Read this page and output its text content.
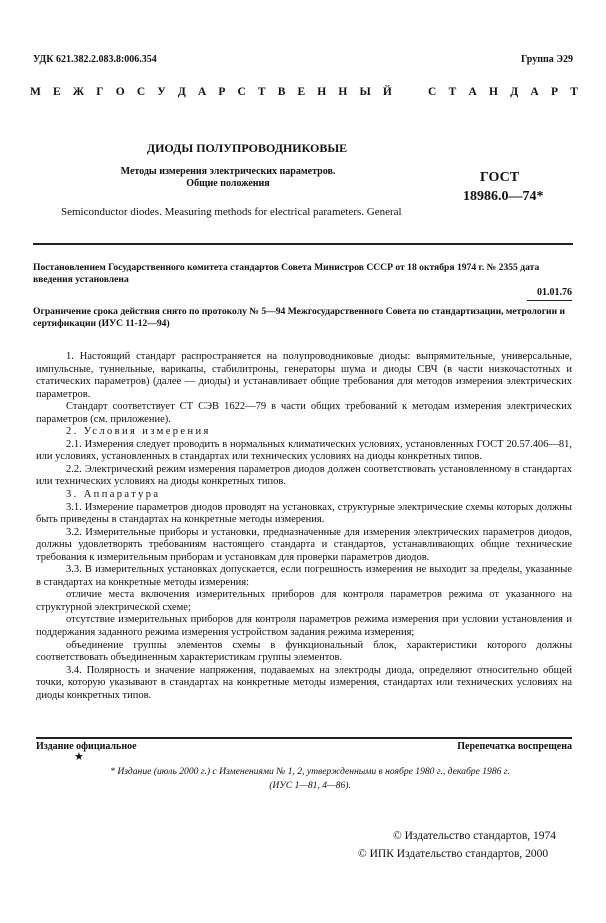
УДК 621.382.2.083.8:006.354	Группа Э29
М Е Ж Г О С У Д А Р С Т В Е Н Н Ы Й	С Т А Н Д А Р Т
ДИОДЫ ПОЛУПРОВОДНИКОВЫЕ
Методы измерения электрических параметров.
Общие положения	ГОСТ
18986.0—74*
Semiconductor diodes. Measuring methods for electrical parameters. General
Постановлением Государственного комитета стандартов Совета Министров СССР от 18 октября 1974 г. № 2355 дата введения установлена
01.01.76
Ограничение срока действия снято по протоколу № 5—94 Межгосударственного Совета по стандартизации, метрологии и сертификации (ИУС 11-12—94)

1. Настоящий стандарт распространяется на полупроводниковые диоды: выпрямительные, универсальные, импульсные, туннельные, варикапы, стабилитроны, генераторы шума и диоды СВЧ (в части низкочастотных и статических параметров) (далее — диоды) и устанавливает общие требования для методов измерения электрических параметров.

Стандарт соответствует СТ СЭВ 1622—79 в части общих требований к методам измерения электрических параметров (см. приложение).

2. Условия измерения

2.1. Измерения следует проводить в нормальных климатических условиях, установленных ГОСТ 20.57.406—81, или условиях, установленных в стандартах или технических условиях на диоды конкретных типов.

2.2. Электрический режим измерения параметров диодов должен соответствовать установленному в стандартах или технических условиях на диоды конкретных типов.

3. Аппаратура

3.1. Измерение параметров диодов проводят на установках, структурные электрические схемы которых должны быть приведены в стандартах на конкретные методы измерения.

3.2. Измерительные приборы и установки, предназначенные для измерения электрических параметров диодов, должны удовлетворять требованиям настоящего стандарта и стандартов, устанавливающих общие технические требования к измерительным приборам и установкам для проверки параметров диодов.

3.3. В измерительных установках допускается, если погрешность измерения не выходит за пределы, указанные в стандартах на конкретные методы измерения:

отличие места включения измерительных приборов для контроля параметров режима от указанного на структурной электрической схеме;

отсутствие измерительных приборов для контроля параметров режима измерения при условии установления и поддержания заданного режима измерения устройством задания режима измерения;

объединение группы элементов схемы в функциональный блок, характеристики которого должны соответствовать объединенным характеристикам группы элементов.

3.4. Полярность и значение напряжения, подаваемых на электроды диода, определяют относительно общей точки, которую указывают в стандартах на конкретные методы измерения, стандартах или технических условиях на диоды конкретных типов.

Издание официальное	Перепечатка воспрещена
★
* Издание (июль 2000 г.) с Изменениями № 1, 2, утвержденными в ноябре 1980 г., декабре 1986 г.
(ИУС 1—81, 4—86).
© Издательство стандартов, 1974
© ИПК Издательство стандартов, 2000
